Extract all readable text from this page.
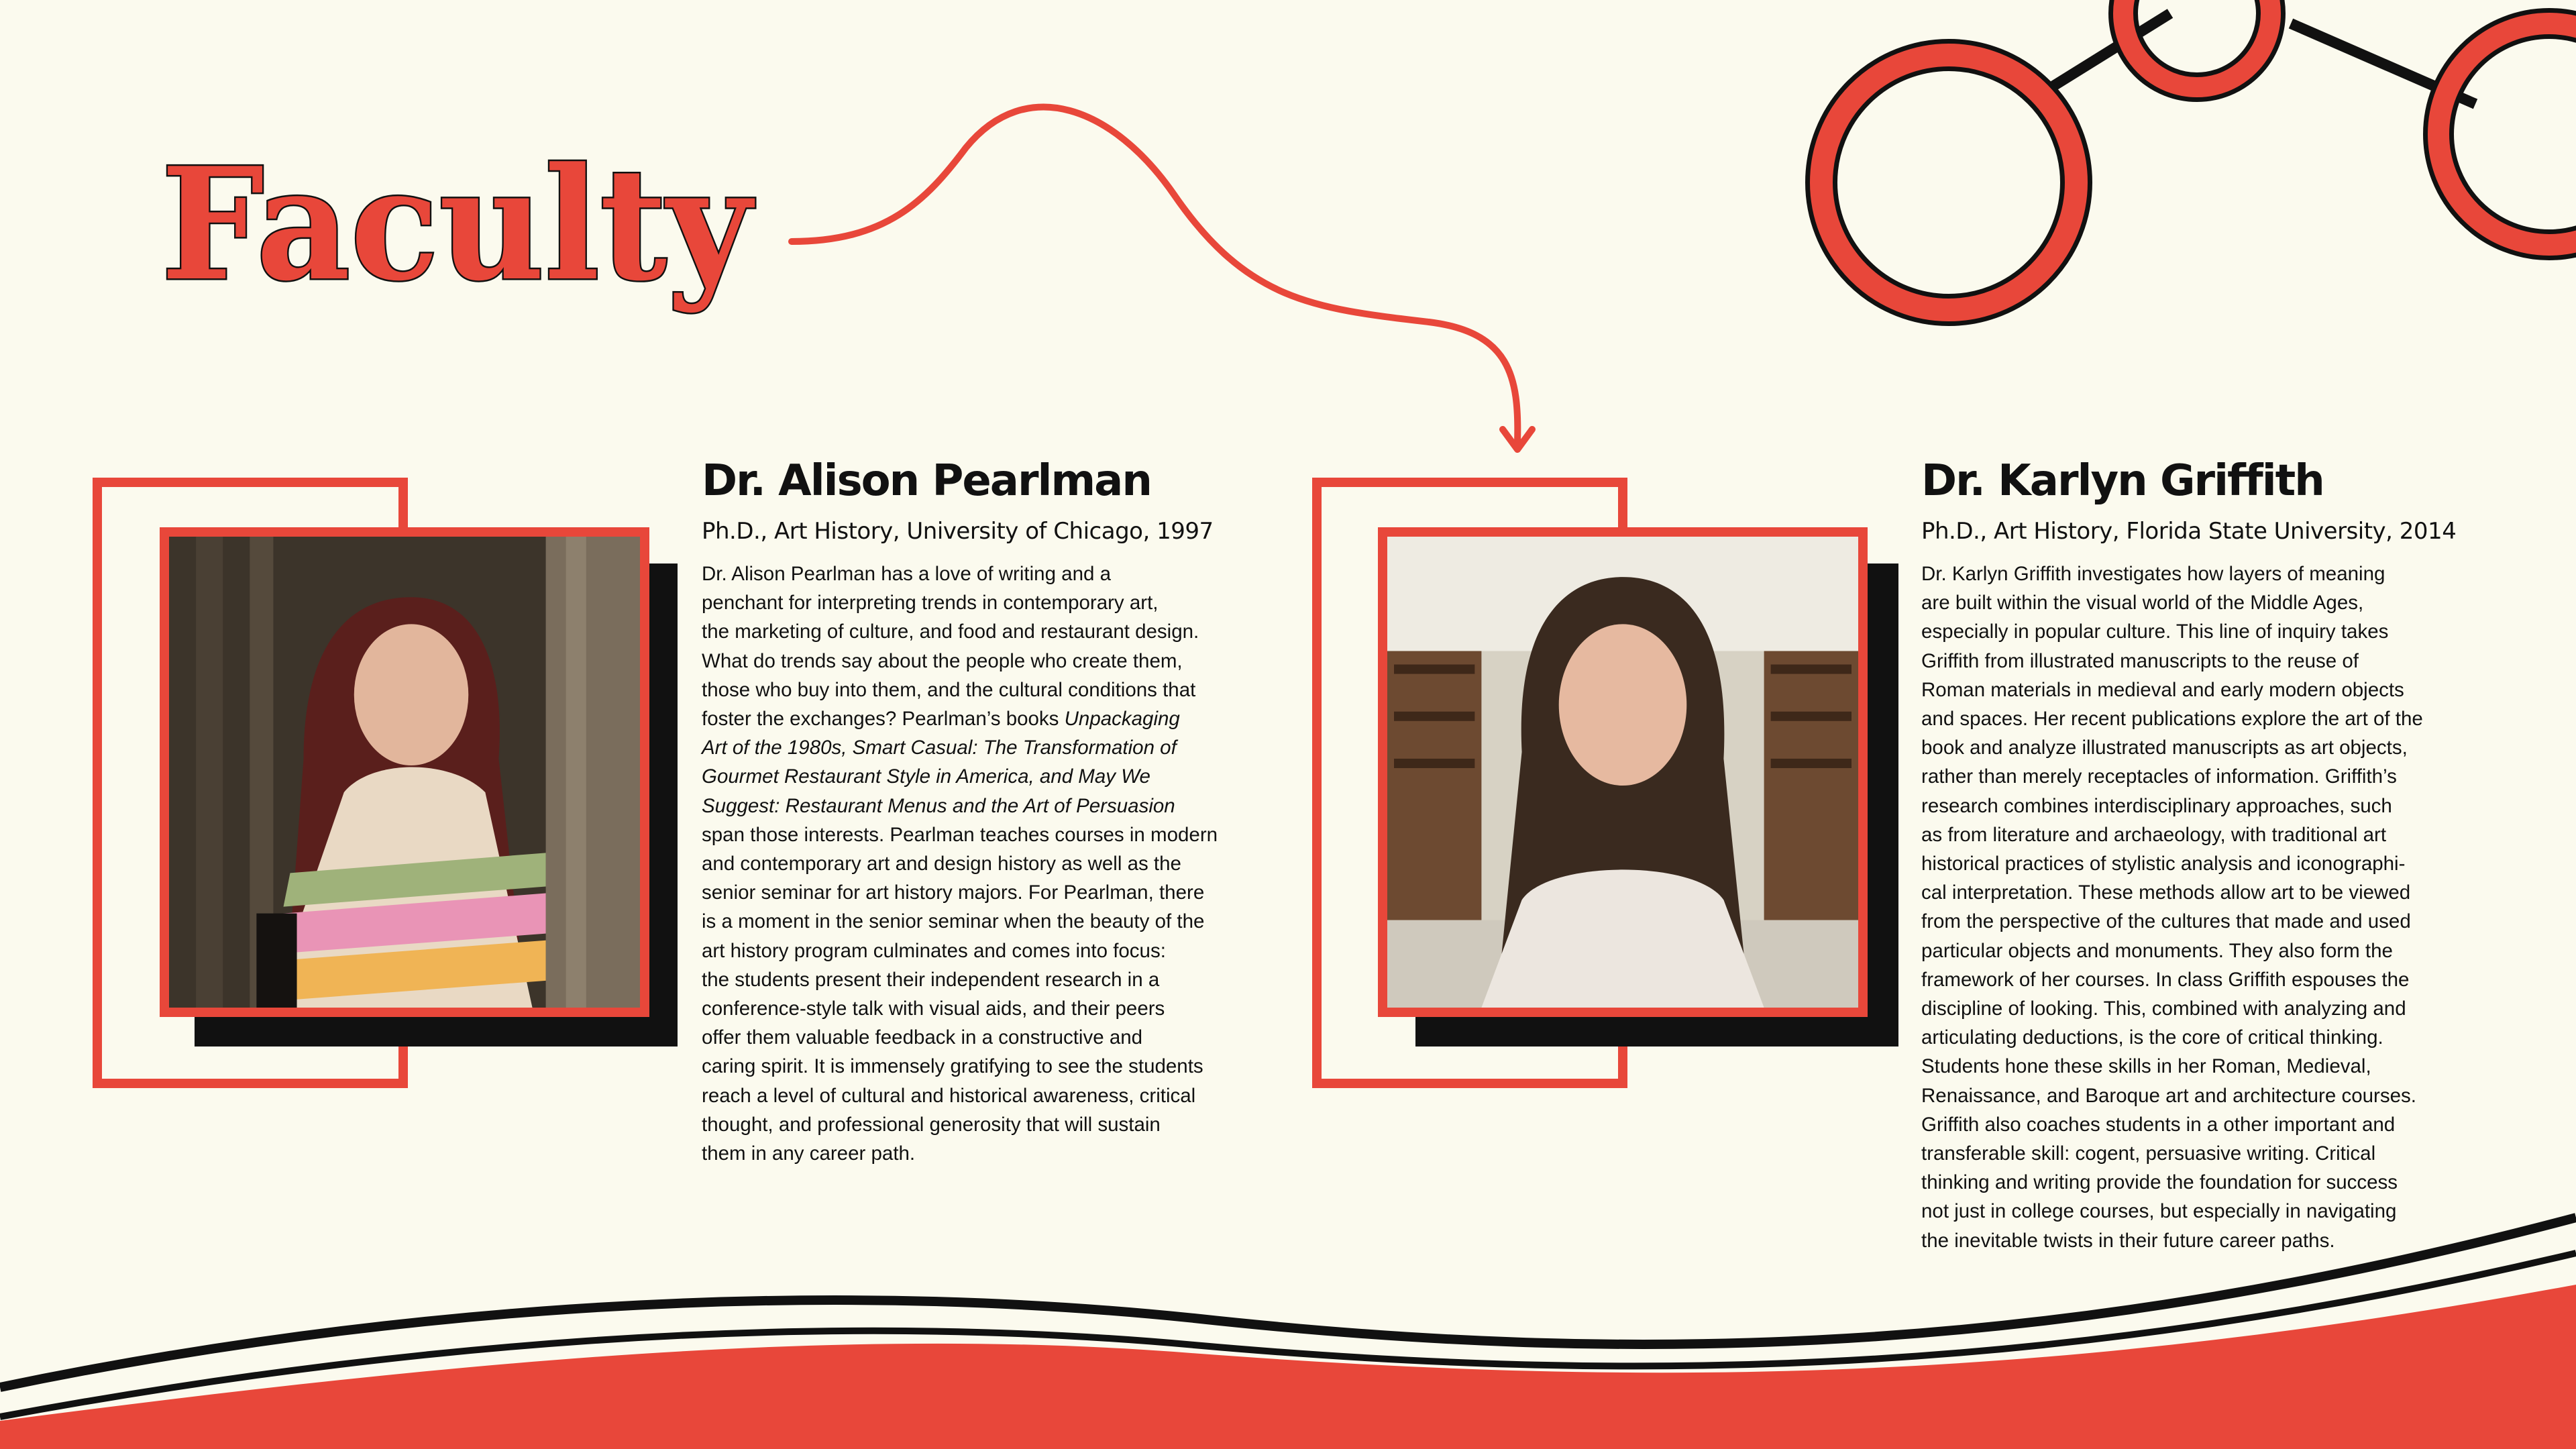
Faculty
Dr. Alison Pearlman

Ph.D., Art History, University of Chicago, 1997

Dr. Alison Pearlman has a love of writing and a
penchant for interpreting trends in contemporary art,
the marketing of culture, and food and restaurant design.
What do trends say about the people who create them,
those who buy into them, and the cultural conditions that
foster the exchanges? Pearlman’s books Unpackaging
Art of the 1980s, Smart Casual: The Transformation of
Gourmet Restaurant Style in America, and May We
Suggest: Restaurant Menus and the Art of Persuasion
span those interests. Pearlman teaches courses in modern
and contemporary art and design history as well as the
senior seminar for art history majors. For Pearlman, there
is a moment in the senior seminar when the beauty of the
art history program culminates and comes into focus:
the students present their independent research in a
conference-style talk with visual aids, and their peers
offer them valuable feedback in a constructive and
caring spirit. It is immensely gratifying to see the students
reach a level of cultural and historical awareness, critical
thought, and professional generosity that will sustain
them in any career path.
Dr. Karlyn Griffith

Ph.D., Art History, Florida State University, 2014

Dr. Karlyn Griffith investigates how layers of meaning
are built within the visual world of the Middle Ages,
especially in popular culture. This line of inquiry takes
Griffith from illustrated manuscripts to the reuse of
Roman materials in medieval and early modern objects
and spaces. Her recent publications explore the art of the
book and analyze illustrated manuscripts as art objects,
rather than merely receptacles of information. Griffith’s
research combines interdisciplinary approaches, such
as from literature and archaeology, with traditional art
historical practices of stylistic analysis and iconographi-
cal interpretation. These methods allow art to be viewed
from the perspective of the cultures that made and used
particular objects and monuments. They also form the
framework of her courses. In class Griffith espouses the
discipline of looking. This, combined with analyzing and
articulating deductions, is the core of critical thinking.
Students hone these skills in her Roman, Medieval,
Renaissance, and Baroque art and architecture courses.
Griffith also coaches students in a other important and
transferable skill: cogent, persuasive writing. Critical
thinking and writing provide the foundation for success
not just in college courses, but especially in navigating
the inevitable twists in their future career paths.
